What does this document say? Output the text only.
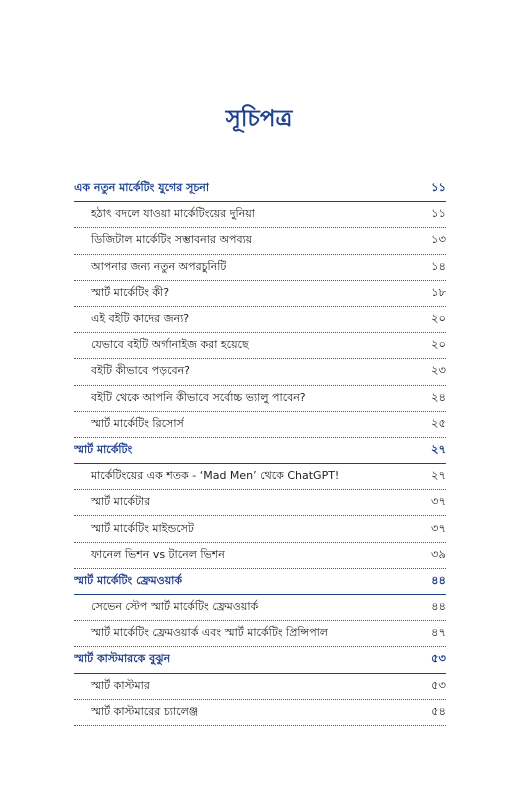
সূচিপত্র
এক নতুন মার্কেটিং যুগের সূচনা	১১
হঠাৎ বদলে যাওয়া মার্কেটিংয়ের দুনিয়া	১১
ডিজিটাল মার্কেটিং সম্ভাবনার অপব্যয়	১৩
আপনার জন্য নতুন অপরচুনিটি	১৪
স্মার্ট মার্কেটিং কী?	১৮
এই বইটি কাদের জন্য?	২০
যেভাবে বইটি অর্গানাইজ করা হয়েছে	২০
বইটি কীভাবে পড়বেন?	২৩
বইটি থেকে আপনি কীভাবে সর্বোচ্চ ভ্যালু পাবেন?	২৪
স্মার্ট মার্কেটিং রিসোর্স	২৫
স্মার্ট মার্কেটিং	২৭
মার্কেটিংয়ের এক শতক - ‘Mad Men’ থেকে ChatGPT!	২৭
স্মার্ট মার্কেটার	৩৭
স্মার্ট মার্কেটিং মাইন্ডসেট	৩৭
ফানেল ভিশন vs টানেল ভিশন	৩৯
স্মার্ট মার্কেটিং ফ্রেমওয়ার্ক	৪৪
সেভেন স্টেপ স্মার্ট মার্কেটিং ফ্রেমওয়ার্ক	৪৪
স্মার্ট মার্কেটিং ফ্রেমওয়ার্ক এবং স্মার্ট মার্কেটিং প্রিন্সিপাল	৪৭
স্মার্ট কাস্টমারকে বুঝুন	৫৩
স্মার্ট কাস্টমার	৫৩
স্মার্ট কাস্টমারের চ্যালেঞ্জ	৫৪
